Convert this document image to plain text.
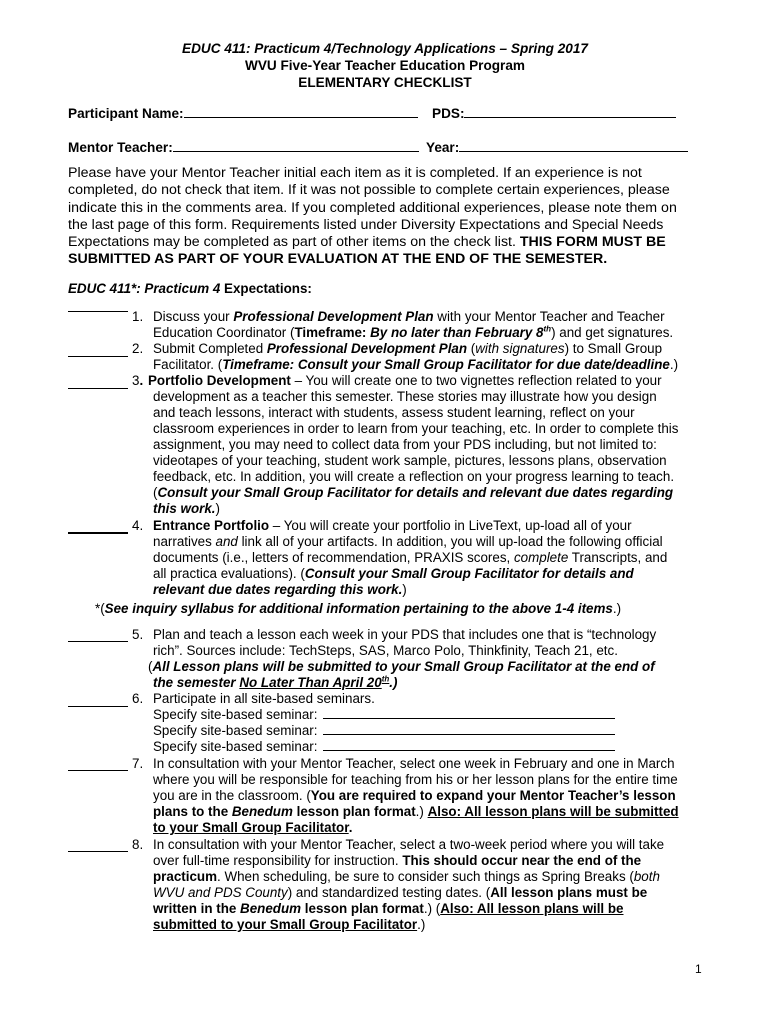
EDUC 411: Practicum 4/Technology Applications – Spring 2017
WVU Five-Year Teacher Education Program
ELEMENTARY CHECKLIST
Participant Name:	PDS:
Mentor Teacher:	Year:
Please have your Mentor Teacher initial each item as it is completed. If an experience is not
completed, do not check that item. If it was not possible to complete certain experiences, please
indicate this in the comments area. If you completed additional experiences, please note them on
the last page of this form. Requirements listed under Diversity Expectations and Special Needs
Expectations may be completed as part of other items on the check list. THIS FORM MUST BE
SUBMITTED AS PART OF YOUR EVALUATION AT THE END OF THE SEMESTER.
EDUC 411*: Practicum 4 Expectations:
1. Discuss your Professional Development Plan with your Mentor Teacher and Teacher
Education Coordinator (Timeframe: By no later than February 8th) and get signatures.
2. Submit Completed Professional Development Plan (with signatures) to Small Group
Facilitator. (Timeframe: Consult your Small Group Facilitator for due date/deadline.)
3. Portfolio Development – You will create one to two vignettes reflection related to your
development as a teacher this semester. These stories may illustrate how you design
and teach lessons, interact with students, assess student learning, reflect on your
classroom experiences in order to learn from your teaching, etc. In order to complete this
assignment, you may need to collect data from your PDS including, but not limited to:
videotapes of your teaching, student work sample, pictures, lessons plans, observation
feedback, etc. In addition, you will create a reflection on your progress learning to teach.
(Consult your Small Group Facilitator for details and relevant due dates regarding
this work.)
4. Entrance Portfolio – You will create your portfolio in LiveText, up-load all of your
narratives and link all of your artifacts. In addition, you will up-load the following official
documents (i.e., letters of recommendation, PRAXIS scores, complete Transcripts, and
all practica evaluations). (Consult your Small Group Facilitator for details and
relevant due dates regarding this work.)
*(See inquiry syllabus for additional information pertaining to the above 1-4 items.)
5. Plan and teach a lesson each week in your PDS that includes one that is “technology
rich”. Sources include: TechSteps, SAS, Marco Polo, Thinkfinity, Teach 21, etc.
(All Lesson plans will be submitted to your Small Group Facilitator at the end of
the semester No Later Than April 20th.)
6. Participate in all site-based seminars.
Specify site-based seminar:
Specify site-based seminar:
Specify site-based seminar:
7. In consultation with your Mentor Teacher, select one week in February and one in March
where you will be responsible for teaching from his or her lesson plans for the entire time
you are in the classroom. (You are required to expand your Mentor Teacher’s lesson
plans to the Benedum lesson plan format.) Also: All lesson plans will be submitted
to your Small Group Facilitator.
8. In consultation with your Mentor Teacher, select a two-week period where you will take
over full-time responsibility for instruction. This should occur near the end of the
practicum. When scheduling, be sure to consider such things as Spring Breaks (both
WVU and PDS County) and standardized testing dates. (All lesson plans must be
written in the Benedum lesson plan format.) (Also: All lesson plans will be
submitted to your Small Group Facilitator.)
1
